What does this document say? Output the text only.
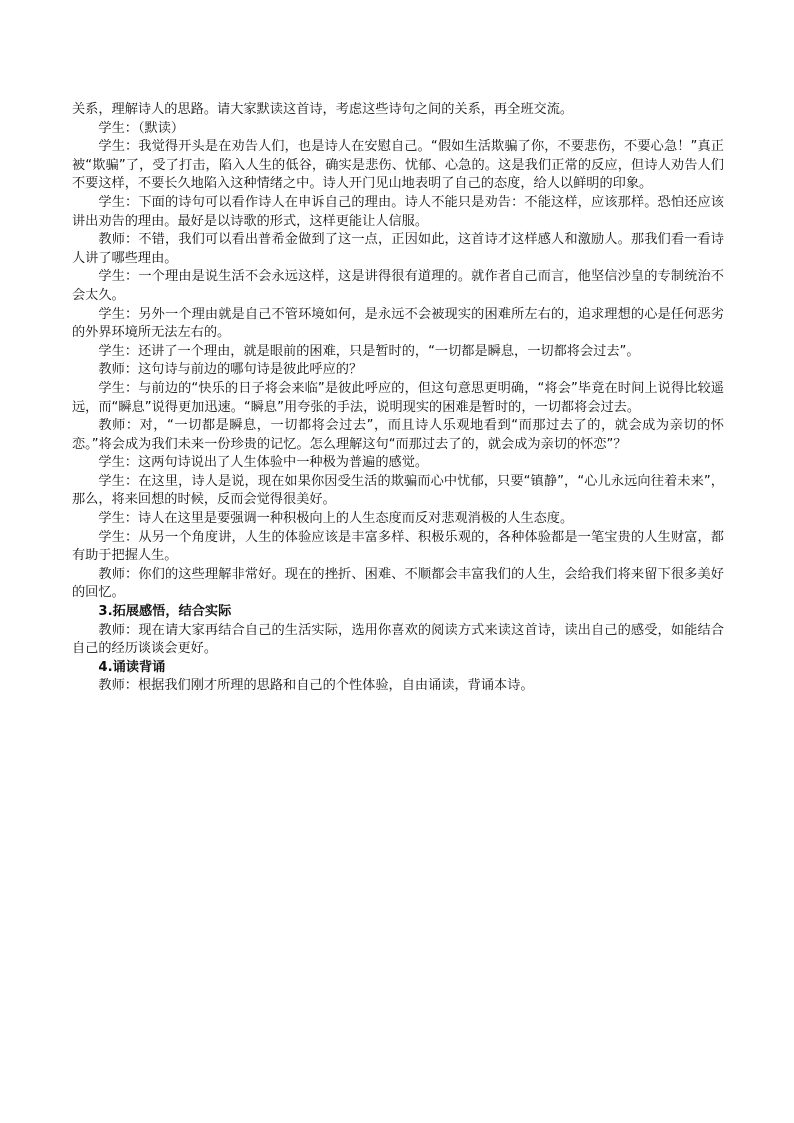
关系，理解诗人的思路。请大家默读这首诗，考虑这些诗句之间的关系，再全班交流。

学生：（默读）

学生：我觉得开头是在劝告人们，也是诗人在安慰自己。“假如生活欺骗了你，不要悲伤，不要心急！”真正被“欺骗”了，受了打击，陷入人生的低谷，确实是悲伤、忧郁、心急的。这是我们正常的反应，但诗人劝告人们不要这样，不要长久地陷入这种情绪之中。诗人开门见山地表明了自己的态度，给人以鲜明的印象。

学生：下面的诗句可以看作诗人在申诉自己的理由。诗人不能只是劝告：不能这样，应该那样。恐怕还应该讲出劝告的理由。最好是以诗歌的形式，这样更能让人信服。

教师：不错，我们可以看出普希金做到了这一点，正因如此，这首诗才这样感人和激励人。那我们看一看诗人讲了哪些理由。

学生：一个理由是说生活不会永远这样，这是讲得很有道理的。就作者自己而言，他坚信沙皇的专制统治不会太久。

学生：另外一个理由就是自己不管环境如何，是永远不会被现实的困难所左右的，追求理想的心是任何恶劣的外界环境所无法左右的。

学生：还讲了一个理由，就是眼前的困难，只是暂时的，“一切都是瞬息，一切都将会过去”。

教师：这句诗与前边的哪句诗是彼此呼应的？

学生：与前边的“快乐的日子将会来临”是彼此呼应的，但这句意思更明确，“将会”毕竟在时间上说得比较遥远，而“瞬息”说得更加迅速。“瞬息”用夸张的手法，说明现实的困难是暂时的，一切都将会过去。

教师：对，“一切都是瞬息，一切都将会过去”，而且诗人乐观地看到“而那过去了的，就会成为亲切的怀恋。”将会成为我们未来一份珍贵的记忆。怎么理解这句“而那过去了的，就会成为亲切的怀恋”？

学生：这两句诗说出了人生体验中一种极为普遍的感觉。

学生：在这里，诗人是说，现在如果你因受生活的欺骗而心中忧郁，只要“镇静”，“心儿永远向往着未来”，那么，将来回想的时候，反而会觉得很美好。

学生：诗人在这里是要强调一种积极向上的人生态度而反对悲观消极的人生态度。

学生：从另一个角度讲，人生的体验应该是丰富多样、积极乐观的，各种体验都是一笔宝贵的人生财富，都有助于把握人生。

教师：你们的这些理解非常好。现在的挫折、困难、不顺都会丰富我们的人生，会给我们将来留下很多美好的回忆。

3.拓展感悟，结合实际

教师：现在请大家再结合自己的生活实际，选用你喜欢的阅读方式来读这首诗，读出自己的感受，如能结合自己的经历谈谈会更好。

4.诵读背诵

教师：根据我们刚才所理的思路和自己的个性体验，自由诵读，背诵本诗。
